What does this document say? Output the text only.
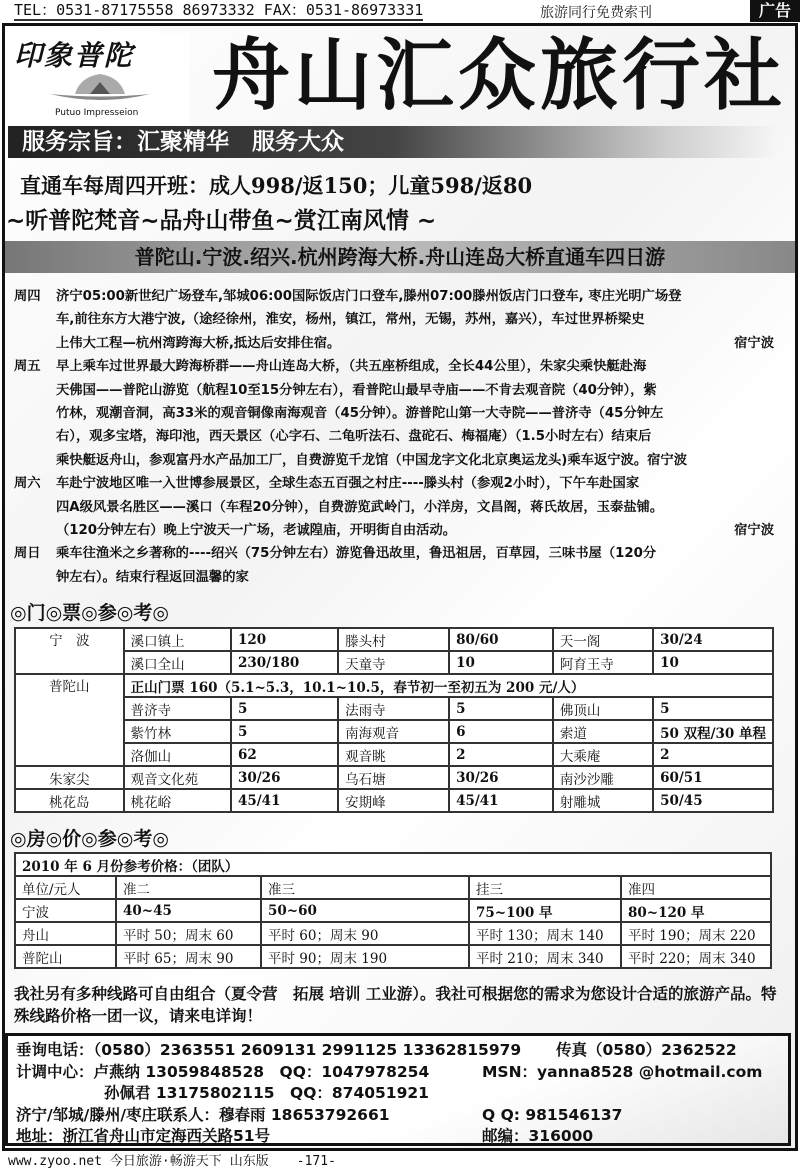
TEL：0531-87175558 86973332 FAX：0531-86973331	旅游同行免费索刊	广告
印象普陀
Putuo Impresseion 舟山汇众旅行社
服务宗旨：汇聚精华　服务大众
直通车每周四开班：成人998/返150；儿童598/返80
~听普陀梵音~品舟山带鱼~赏江南风情 ~
普陀山.宁波.绍兴.杭州跨海大桥.舟山连岛大桥直通车四日游
周四	济宁05:00新世纪广场登车,邹城06:00国际饭店门口登车,滕州07:00滕州饭店门口登车, 枣庄光明广场登
车,前往东方大港宁波,（途经徐州，淮安，杨州，镇江，常州，无锡，苏州，嘉兴），车过世界桥梁史
上伟大工程—杭州湾跨海大桥,抵达后安排住宿。	宿宁波
周五	早上乘车过世界最大跨海桥群——舟山连岛大桥，（共五座桥组成，全长44公里），朱家尖乘快艇赴海
天佛国——普陀山游览（航程10至15分钟左右），看普陀山最早寺庙——不肯去观音院（40分钟），紫
竹林，观潮音洞，高33米的观音铜像南海观音（45分钟）。游普陀山第一大寺院——普济寺（45分钟左
右），观多宝塔，海印池，西天景区（心字石、二龟听法石、盘砣石、梅福庵）（1.5小时左右）结束后
乘快艇返舟山，参观富丹水产品加工厂，自费游览千龙馆（中国龙字文化北京奥运龙头)乘车返宁波。宿宁波
周六	车赴宁波地区唯一入世博参展景区，全球生态五百强之村庄----滕头村（参观2小时），下午车赴国家
四A级风景名胜区——溪口（车程20分钟），自费游览武岭门，小洋房，文昌阁，蒋氏故居，玉泰盐铺。
（120分钟左右）晚上宁波天一广场，老诚隍庙，开明街自由活动。	宿宁波
周日	乘车往渔米之乡著称的----绍兴（75分钟左右）游览鲁迅故里，鲁迅祖居，百草园，三味书屋（120分
钟左右）。结束行程返回温馨的家
◎门◎票◎参◎考◎
宁　波	溪口镇上	120	滕头村	80/60	天一阁	30/24
	溪口全山	230/180	天童寺	10	阿育王寺	10
普陀山	正山门票 160（5.1~5.3，10.1~10.5，春节初一至初五为 200 元/人）					
	普济寺	5	法雨寺	5	佛顶山	5
	紫竹林	5	南海观音	6	索道	50 双程/30 单程
	洛伽山	62	观音眺	2	大乘庵	2
朱家尖	观音文化苑	30/26	乌石塘	30/26	南沙沙雕	60/51
桃花岛	桃花峪	45/41	安期峰	45/41	射雕城	50/45
◎房◎价◎参◎考◎
2010 年 6 月份参考价格：（团队）				
单位/元人	准二	准三	挂三	准四
宁波	40~45	50~60	75~100 早	80~120 早
舟山	平时 50；周末 60	平时 60；周末 90	平时 130；周末 140	平时 190；周末 220
普陀山	平时 65；周末 90	平时 90；周末 190	平时 210；周末 340	平时 220；周末 340
我社另有多种线路可自由组合（夏令营　拓展 培训 工业游）。我社可根据您的需求为您设计合适的旅游产品。特殊线路价格一团一议，请来电详询！
垂询电话：（0580）2363551 2609131 2991125 13362815979 传真（0580）2362522
计调中心：卢燕纳 13059848528　QQ：1047978254	MSN：yanna8528 @hotmail.com
孙佩君 13175802115　QQ：874051921
济宁/邹城/滕州/枣庄联系人：穆春雨 18653792661	Q Q: 981546137
地址：浙江省舟山市定海西关路51号	邮编：316000
www.zyoo.net 今日旅游·畅游天下 山东版 -171-
